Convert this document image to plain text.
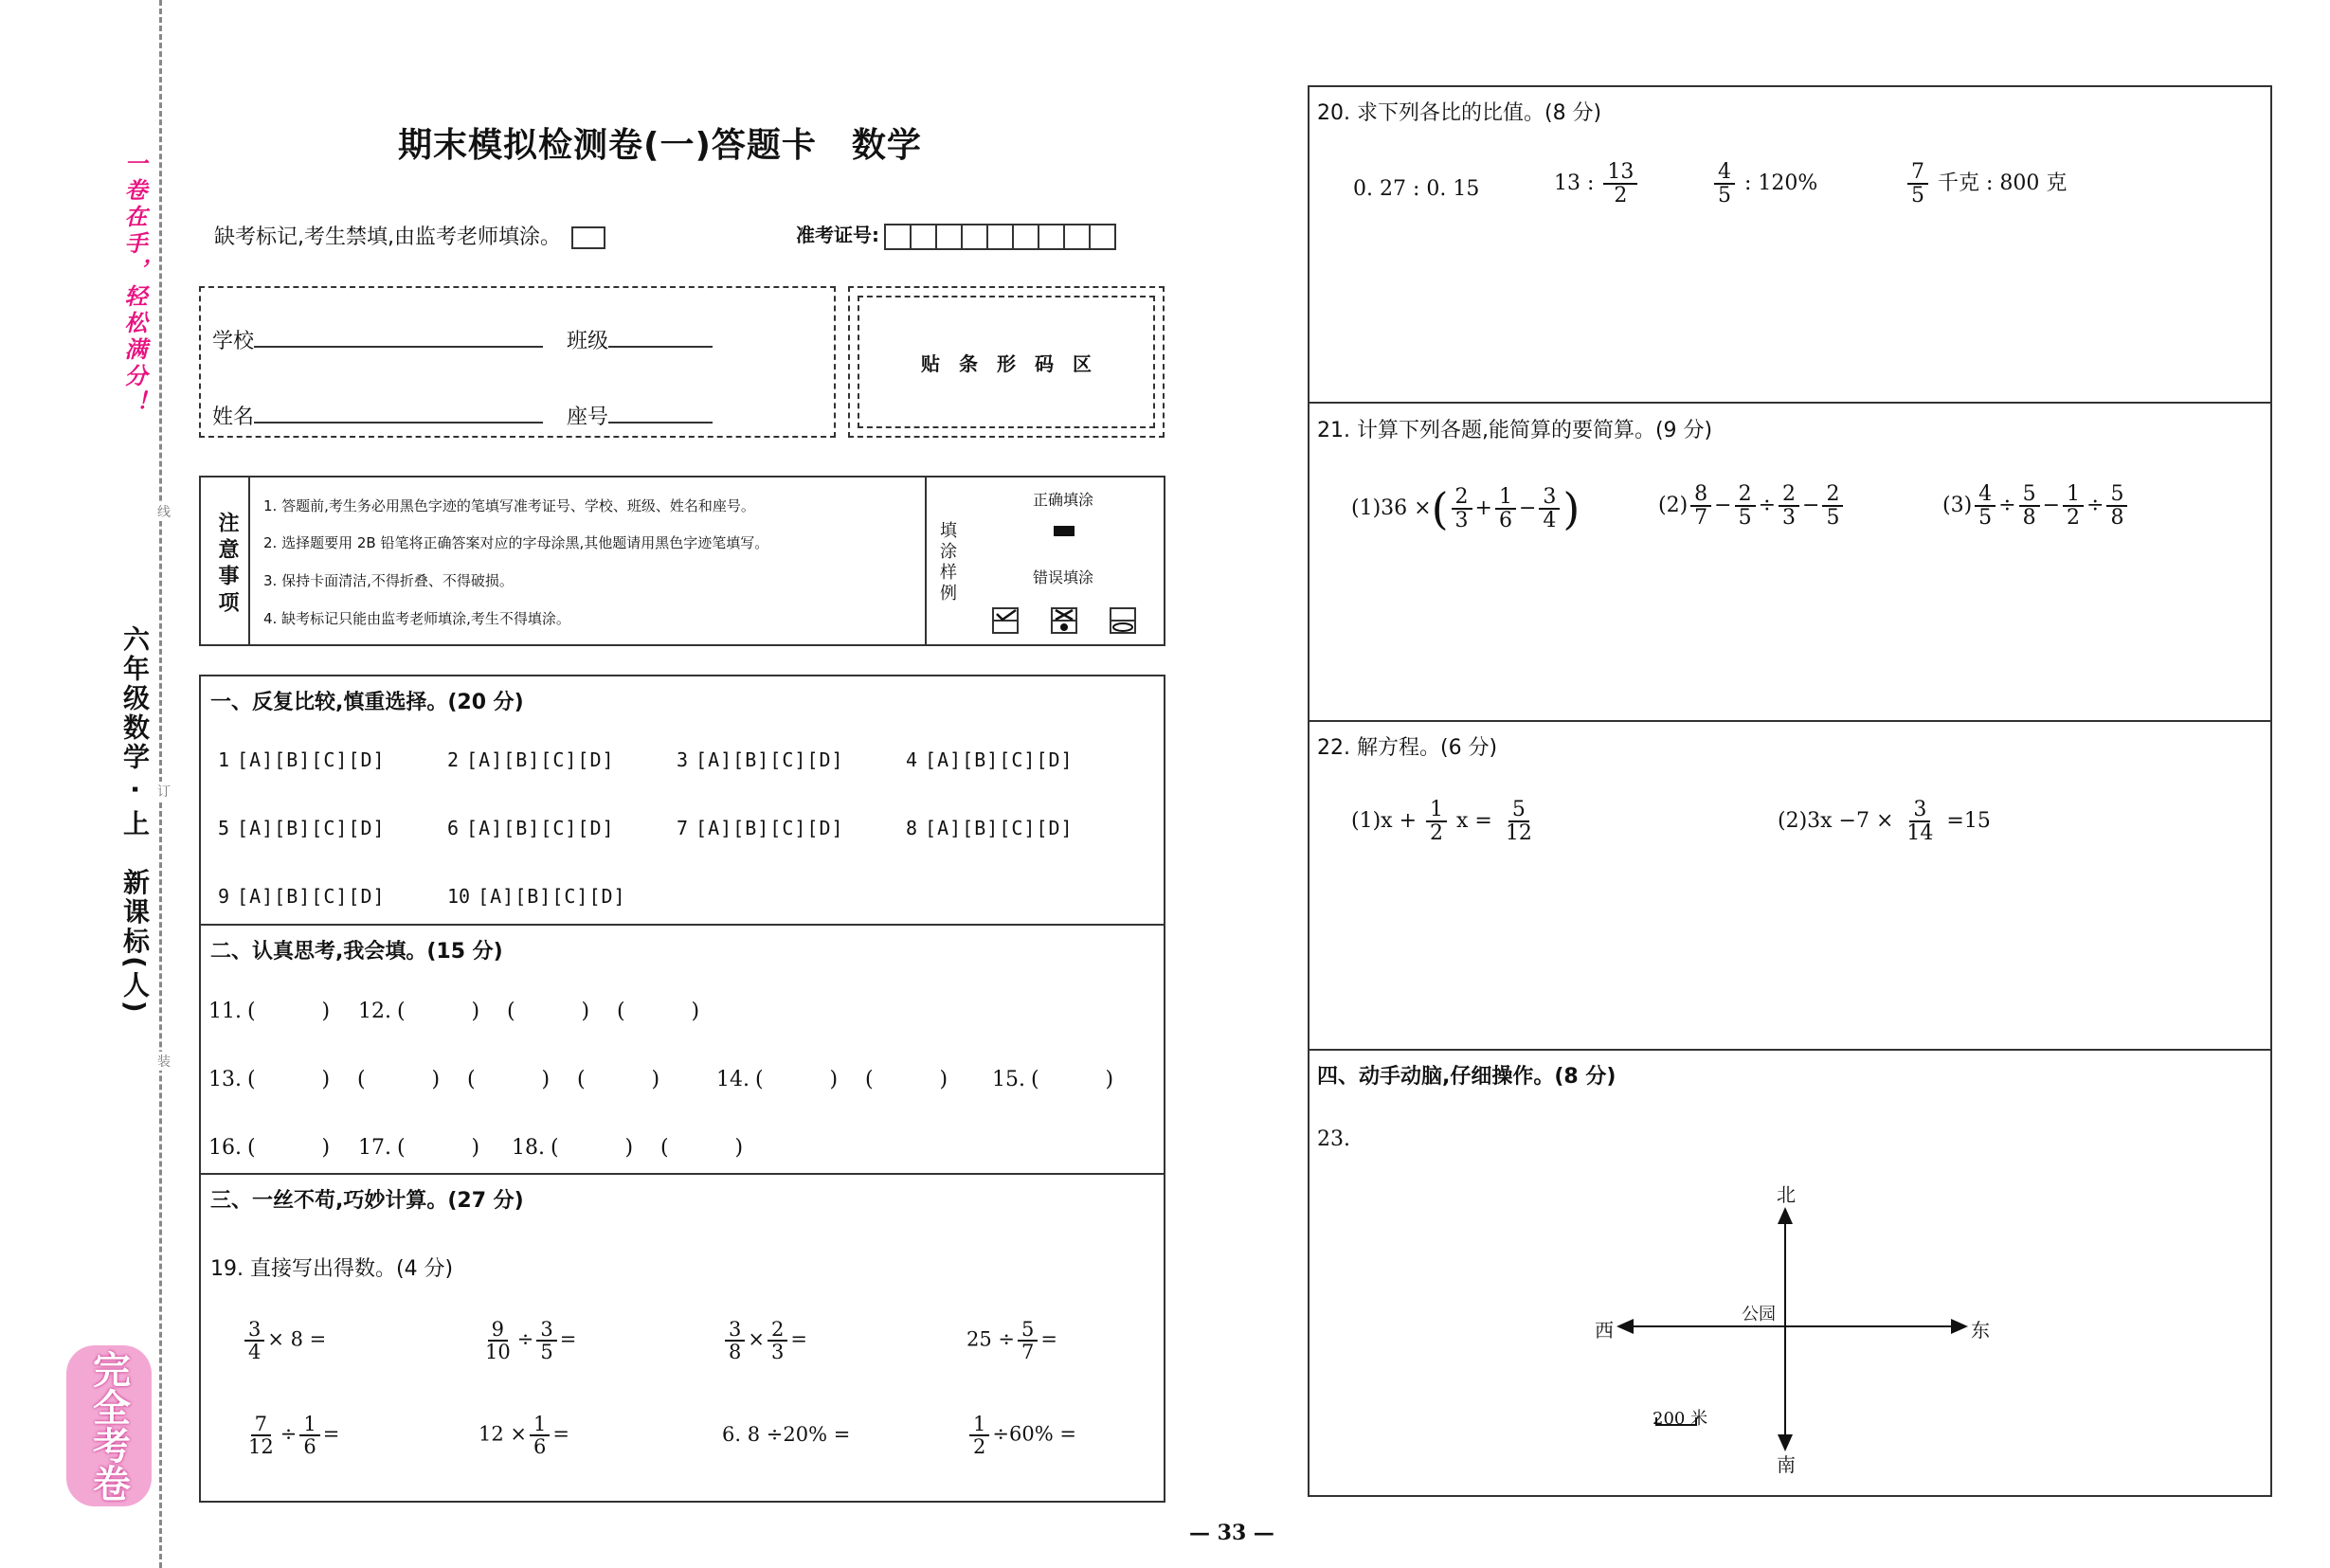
一卷在手，轻松满分！
六年级数学 · 上　新课标(人)
线
订
装
完全考卷
期末模拟检测卷(一)答题卡　数学
缺考标记,考生禁填,由监考老师填涂。	准考证号:
学校	班级
姓名	座号
贴　条　形　码　区
注意事项
1. 答题前,考生务必用黑色字迹的笔填写准考证号、学校、班级、姓名和座号。
2. 选择题要用 2B 铅笔将正确答案对应的字母涂黑,其他题请用黑色字迹笔填写。
3. 保持卡面清洁,不得折叠、不得破损。
4. 缺考标记只能由监考老师填涂,考生不得填涂。
填涂样例
正确填涂
错误填涂
一、反复比较,慎重选择。(20 分)
1 [A][B][C][D]	2 [A][B][C][D]	3 [A][B][C][D]	4 [A][B][C][D]
5 [A][B][C][D]	6 [A][B][C][D]	7 [A][B][C][D]	8 [A][B][C][D]
9 [A][B][C][D]	10 [A][B][C][D]
二、认真思考,我会填。(15 分)
11. (          )	12. (          ) (          ) (          )
13. (          ) (          ) (          ) (          )	14. (          ) (          )	15. (          )
16. (          )	17. (          )	18. (          ) (          )
三、一丝不苟,巧妙计算。(27 分)
19. 直接写出得数。(4 分)
$\frac{3}{4} \times 8$ =	$\frac{9}{10} \div \frac{3}{5}$ =	$\frac{3}{8} \times \frac{2}{3}$ =	$25 \div \frac{5}{7}$ =
$\frac{7}{12} \div \frac{1}{6}$ =	$12 \times \frac{1}{6}$ =	6. 8 ÷20% =	$\frac{1}{2} \div 60\%$ =
20. 求下列各比的比值。(8 分)
0. 27 : 0. 15	13 : $\frac{13}{2}$	$\frac{4}{5}$ : 120%	$\frac{7}{5}$ 千克 : 800 克
21. 计算下列各题,能简算的要简算。(9 分)
(1)36 ×( $\frac{2}{3} + \frac{1}{6} - \frac{3}{4}$ )	$(2) \frac{8}{7} - \frac{2}{5} \div \frac{2}{3} - \frac{2}{5}$	$(3) \frac{4}{5} \div \frac{5}{8} - \frac{1}{2} \div \frac{5}{8}$
22. 解方程。(6 分)
$(1)x + \frac{1}{2}$ $x = \frac{5}{12}$	$(2)3x -7 \times \frac{3}{14} =15$
四、动手动脑,仔细操作。(8 分)
23.
北
南
西	东
公园
200 米
— 33 —
